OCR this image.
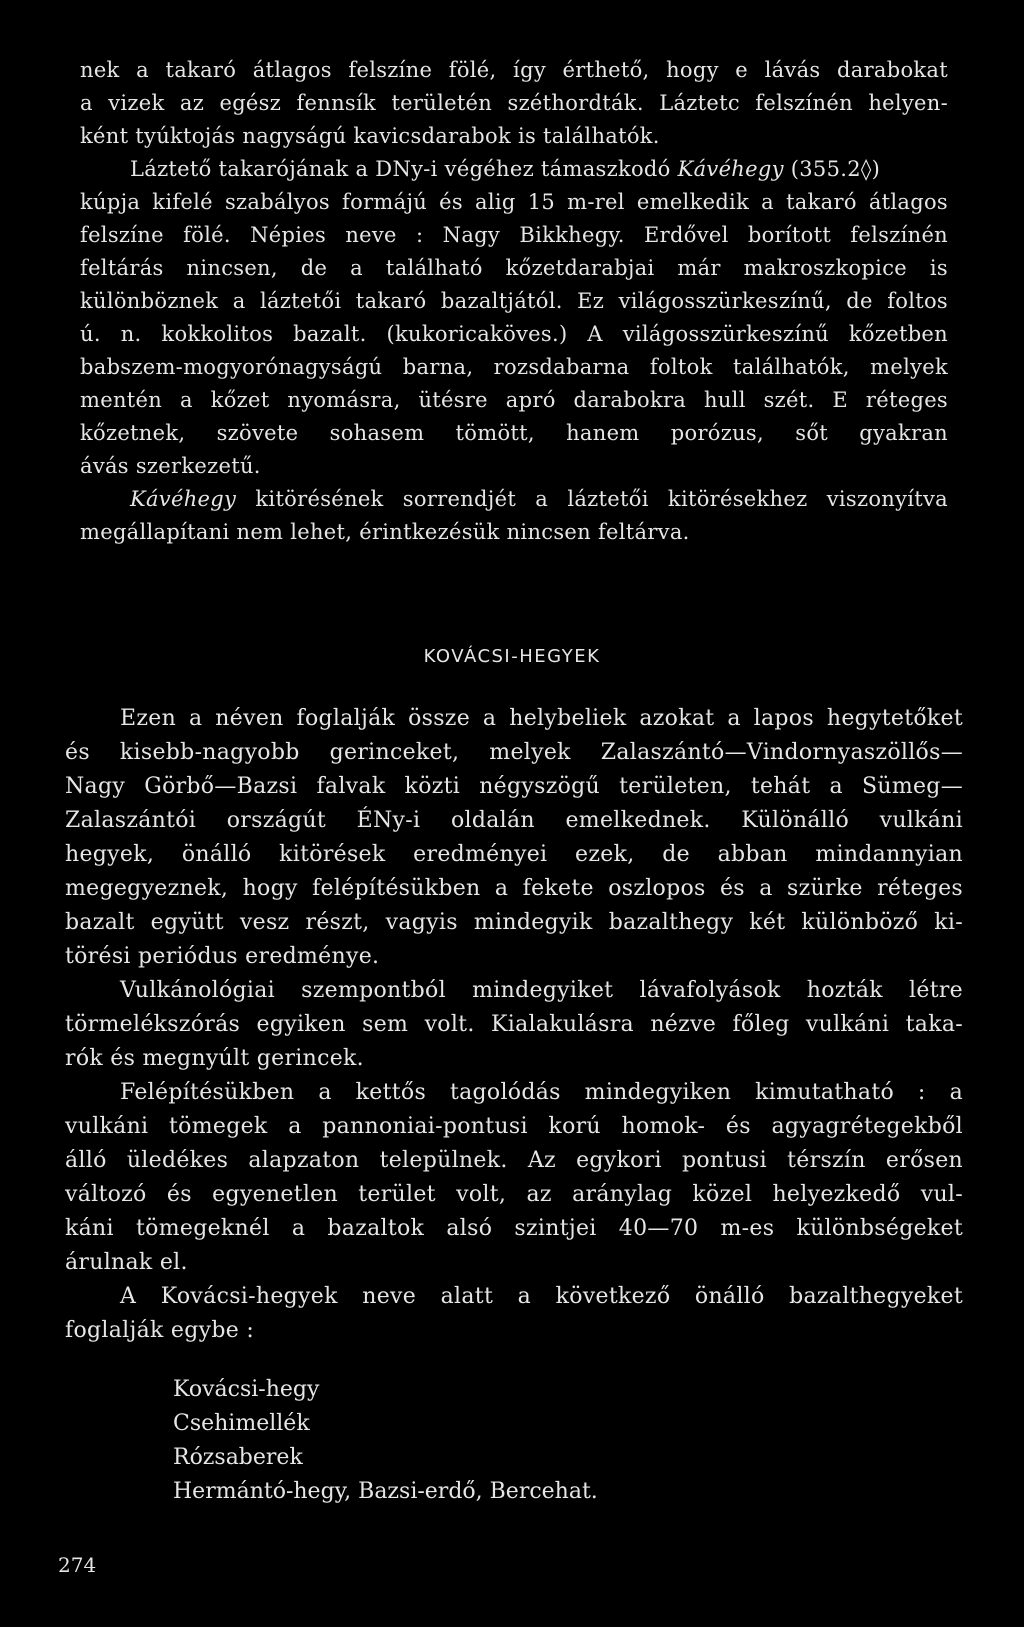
nek a takaró átlagos felszíne fölé, így érthető, hogy e lávás darabokat
a vizek az egész fennsík területén széthordták. Láztetc felszínén helyen-
ként tyúktojás nagyságú kavicsdarabok is találhatók.
Láztető takarójának a DNy-i végéhez támaszkodó Kávéhegy (355.2◊)
kúpja kifelé szabályos formájú és alig 15 m-rel emelkedik a takaró átlagos
felszíne fölé. Népies neve : Nagy Bikkhegy. Erdővel borított felszínén
feltárás nincsen, de a található kőzetdarabjai már makroszkopice is
különböznek a láztetői takaró bazaltjától. Ez világosszürkeszínű, de foltos
ú. n. kokkolitos bazalt. (kukoricaköves.) A világosszürkeszínű kőzetben
babszem-mogyorónagyságú barna, rozsdabarna foltok találhatók, melyek
mentén a kőzet nyomásra, ütésre apró darabokra hull szét. E réteges
kőzetnek, szövete sohasem tömött, hanem porózus, sőt gyakran
ávás szerkezetű.
Kávéhegy kitörésének sorrendjét a láztetői kitörésekhez viszonyítva
megállapítani nem lehet, érintkezésük nincsen feltárva.
KOVÁCSI-HEGYEK
Ezen a néven foglalják össze a helybeliek azokat a lapos hegytetőket
és kisebb-nagyobb gerinceket, melyek Zalaszántó—Vindornyaszöllős—
Nagy Görbő—Bazsi falvak közti négyszögű területen, tehát a Sümeg—
Zalaszántói országút ÉNy-i oldalán emelkednek. Különálló vulkáni
hegyek, önálló kitörések eredményei ezek, de abban mindannyian
megegyeznek, hogy felépítésükben a fekete oszlopos és a szürke réteges
bazalt együtt vesz részt, vagyis mindegyik bazalthegy két különböző ki-
törési periódus eredménye.
Vulkánológiai szempontból mindegyiket lávafolyások hozták létre
törmelékszórás egyiken sem volt. Kialakulásra nézve főleg vulkáni taka-
rók és megnyúlt gerincek.
Felépítésükben a kettős tagolódás mindegyiken kimutatható : a
vulkáni tömegek a pannoniai-pontusi korú homok- és agyagrétegekből
álló üledékes alapzaton települnek. Az egykori pontusi térszín erősen
változó és egyenetlen terület volt, az aránylag közel helyezkedő vul-
káni tömegeknél a bazaltok alsó szintjei 40—70 m-es különbségeket
árulnak el.
A Kovácsi-hegyek neve alatt a következő önálló bazalthegyeket
foglalják egybe :
Kovácsi-hegy
Csehimellék
Rózsaberek
Hermántó-hegy, Bazsi-erdő, Bercehat.
274
